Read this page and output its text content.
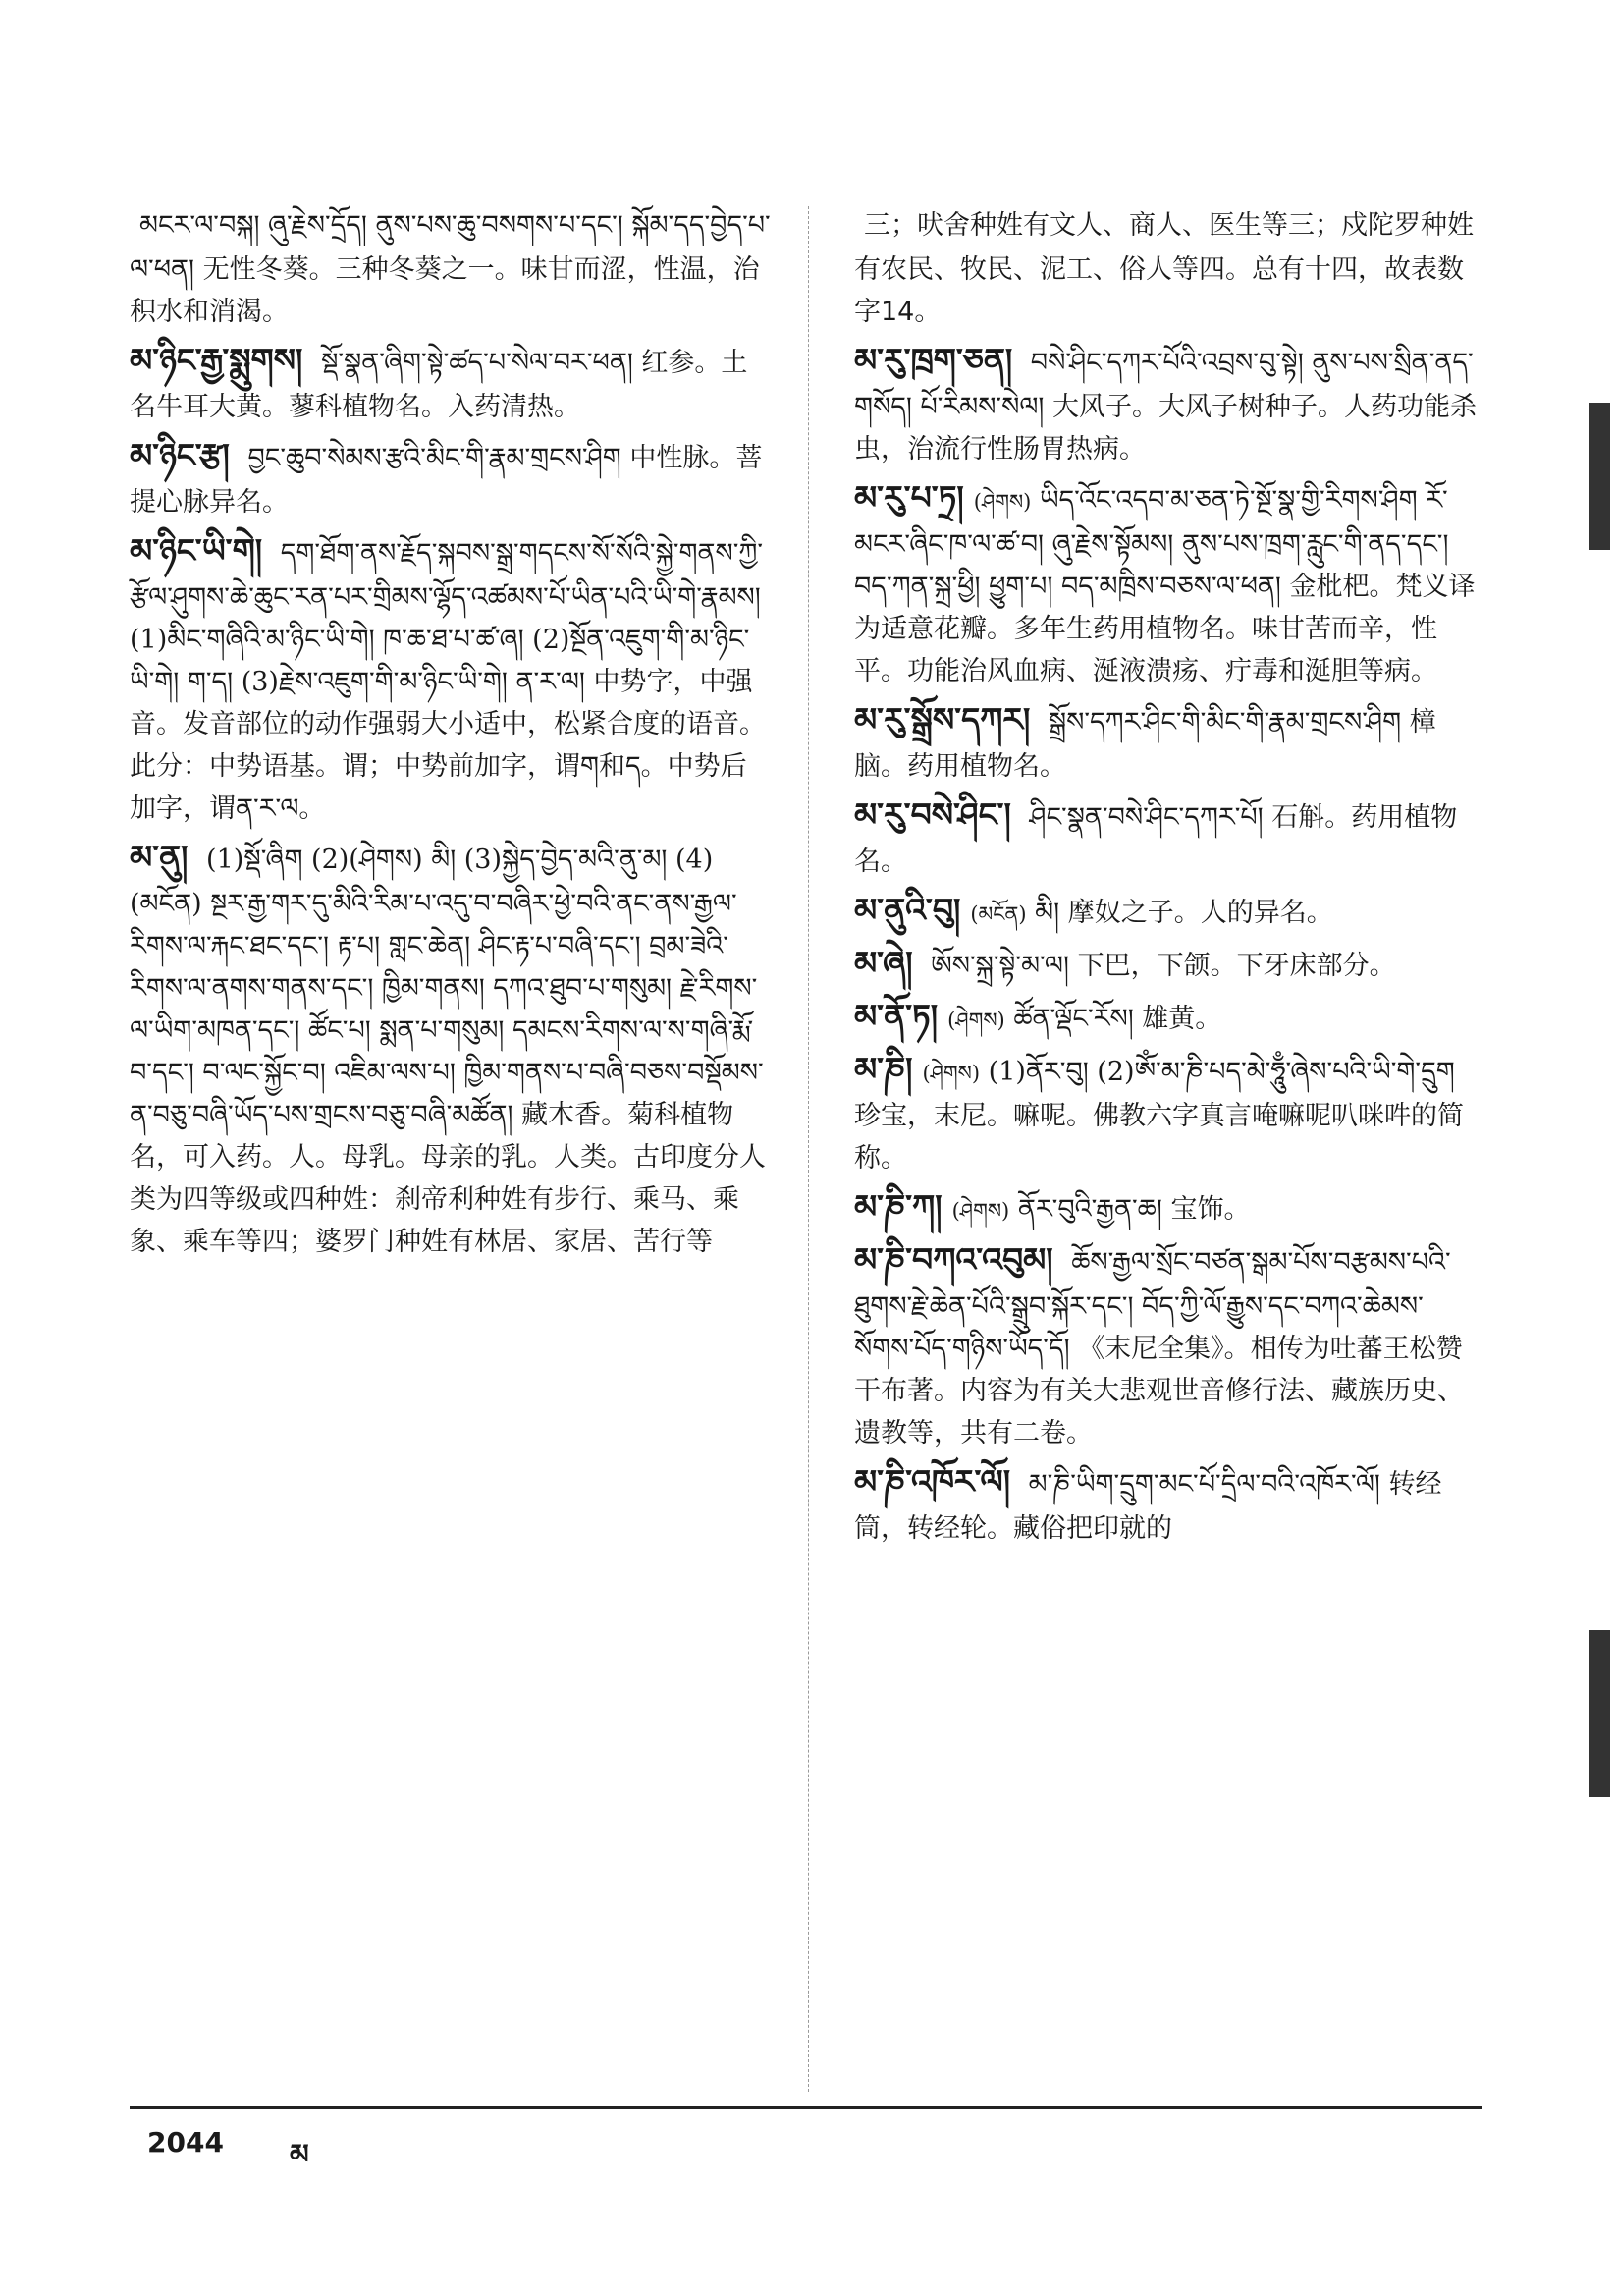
མངར་ལ་བསྐ། ཞུ་རྗེས་དྲོད། ནུས་པས་ཆུ་བསགས་པ་དང་། སྐོམ་དད་བྱེད་པ་ལ་ཕན། 无性冬葵。三种冬葵之一。味甘而涩，性温，治积水和消渴。
མ་ཉིང་རྒྱ་སྨུགས། སྡོ་སྣན་ཞིག་སྟེ་ཚད་པ་སེལ་བར་ཕན། 红参。土名牛耳大黄。蓼科植物名。入药清热。
མ་ཉིང་རྩ། བྱང་ཆུབ་སེམས་རྩའི་མིང་གི་རྣམ་གྲངས་ཤིག 中性脉。菩提心脉异名。
མ་ཉིང་ཡི་གེ། དག་ཐོག་ནས་རྗོད་སྐབས་སྒྲ་གདངས་སོ་སོའི་སྐྱེ་གནས་ཀྱི་རྩོལ་ཤུགས་ཆེ་ཆུང་རན་པར་གྲིམས་ལྷོད་འཚམས་པོ་ཡིན་པའི་ཡི་གེ་རྣམས། (1)མིང་གཞིའི་མ་ཉིང་ཡི་གེ། ཁ་ཆ་ཐ་པ་ཚ་ཞ། (2)སྔོན་འཇུག་གི་མ་ཉིང་ཡི་གེ། ག་ད། (3)རྗེས་འཇུག་གི་མ་ཉིང་ཡི་གེ། ན་ར་ལ། 中势字，中强音。发音部位的动作强弱大小适中，松紧合度的语音。此分：中势语基。谓；中势前加字，谓ག和ད。中势后加字，谓ན་ར་ལ。
མ་ནུ། (1)སྡོ་ཞིག (2)(ཤེགས) མི། (3)སྐྱེད་བྱེད་མའི་ནུ་མ། (4)(མངོན) སྔར་རྒྱ་གར་དུ་མིའི་རིམ་པ་འདུ་བ་བཞིར་ཕྱེ་བའི་ནང་ནས་རྒྱལ་རིགས་ལ་རྐང་ཐང་དང་། རྟ་པ། གླང་ཆེན། ཤིང་རྟ་པ་བཞི་དང་། བྲམ་ཟེའི་རིགས་ལ་ནགས་གནས་དང་། ཁྱིམ་གནས། དཀའ་ཐུབ་པ་གསུམ། རྗེ་རིགས་ལ་ཡིག་མཁན་དང་། ཚོང་པ། སྨན་པ་གསུམ། དམངས་རིགས་ལ་ས་གཞི་རྨོ་བ་དང་། བ་ལང་སྐྱོང་བ། འཇིམ་ལས་པ། ཁྱིམ་གནས་པ་བཞི་བཅས་བསྡོམས་ན་བཅུ་བཞི་ཡོད་པས་གྲངས་བཅུ་བཞི་མཚོན། 藏木香。菊科植物名，可入药。人。母乳。母亲的乳。人类。古印度分人类为四等级或四种姓：刹帝利种姓有步行、乘马、乘象、乘车等四；婆罗门种姓有林居、家居、苦行等
三；吠舍种姓有文人、商人、医生等三；戍陀罗种姓有农民、牧民、泥工、俗人等四。总有十四，故表数字14。
མ་རུ་ཁྲག་ཅན། བསེ་ཤིང་དཀར་པོའི་འབྲས་བུ་སྟེ། ནུས་པས་སྲིན་ནད་གསོད། པོ་རིམས་སེལ། 大风子。大风子树种子。人药功能杀虫，治流行性肠胃热病。
མ་རུ་པ་ཏྲ། (ཤེགས) ཡིད་འོང་འདབ་མ་ཅན་ཏེ་སྔོ་སྣ་གྱི་རིགས་ཤིག རོ་མངར་ཞིང་ཁ་ལ་ཚ་བ། ཞུ་རྗེས་སྟོམས། ནུས་པས་ཁྲག་རླུང་གི་ནད་དང་། བད་ཀན་སྐྲ་ཕྱི། ཕྱུག་པ། བད་མཁྲིས་བཅས་ལ་ཕན། 金枇杷。梵义译为适意花瓣。多年生药用植物名。味甘苦而辛，性平。功能治风血病、涎液溃疡、疔毒和涎胆等病。
མ་རུ་སྒྲོས་དཀར། སྒྲོས་དཀར་ཤིང་གི་མིང་གི་རྣམ་གྲངས་ཤིག 樟脑。药用植物名。
མ་རུ་བསེ་ཤིང་། ཤིང་སྣན་བསེ་ཤིང་དཀར་པོ། 石斛。药用植物名。
མ་ནུའི་བུ། (མངོན) མི། 摩奴之子。人的异名。
མ་ཞེ། ཨོས་སྐྲ་སྟེ་མ་ལ། 下巴，下颌。下牙床部分。
མ་ནོ་ཏ། (ཤེགས) ཚོན་ལྡོང་རོས། 雄黄。
མ་ཎི། (ཤེགས) (1)ནོར་བུ། (2)ཨོཾ་མ་ཎི་པད་མེ་ཧཱུྃ་ཞེས་པའི་ཡི་གེ་དྲུག 珍宝，末尼。嘛呢。佛教六字真言唵嘛呢叭咪吽的简称。
མ་ཎི་ཀ། (ཤེགས) ནོར་བུའི་རྒྱན་ཆ། 宝饰。
མ་ཎི་བཀའ་འབུམ། ཆོས་རྒྱལ་སྲོང་བཙན་སྒམ་པོས་བརྩམས་པའི་ཐུགས་རྗེ་ཆེན་པོའི་སྒྲུབ་སྐོར་དང་། བོད་ཀྱི་ལོ་རྒྱུས་དང་བཀའ་ཆེམས་སོགས་པོད་གཉིས་ཡོད་དོ། 《末尼全集》。相传为吐蕃王松赞干布著。内容为有关大悲观世音修行法、藏族历史、遗教等，共有二卷。
མ་ཎི་འཁོར་ལོ། མ་ཎི་ཡིག་དྲུག་མང་པོ་དྲིལ་བའི་འཁོར་ལོ། 转经筒，转经轮。藏俗把印就的
2044 མ
